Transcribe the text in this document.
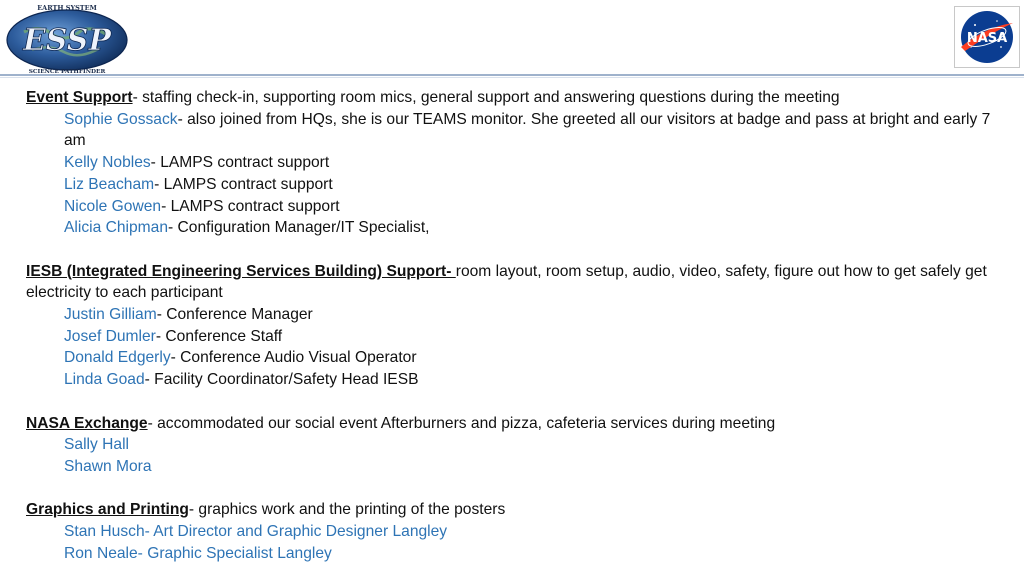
ESSP
EARTH SYSTEM
SCIENCE PATHFINDER
NASA
Event Support- staffing check-in, supporting room mics, general support and answering questions during the meeting
Sophie Gossack- also joined from HQs, she is our TEAMS monitor. She greeted all our visitors at badge and pass at bright and early 7 am
Kelly Nobles- LAMPS contract support
Liz Beacham- LAMPS contract support
Nicole Gowen- LAMPS contract support
Alicia Chipman- Configuration Manager/IT Specialist,
IESB (Integrated Engineering Services Building) Support- room layout, room setup, audio, video, safety, figure out how to get safely get electricity to each participant
Justin Gilliam- Conference Manager
Josef Dumler- Conference Staff
Donald Edgerly- Conference Audio Visual Operator
Linda Goad- Facility Coordinator/Safety Head IESB
NASA Exchange- accommodated our social event Afterburners and pizza, cafeteria services during meeting
Sally Hall
Shawn Mora
Graphics and Printing- graphics work and the printing of the posters
Stan Husch- Art Director and Graphic Designer Langley
Ron Neale- Graphic Specialist Langley
